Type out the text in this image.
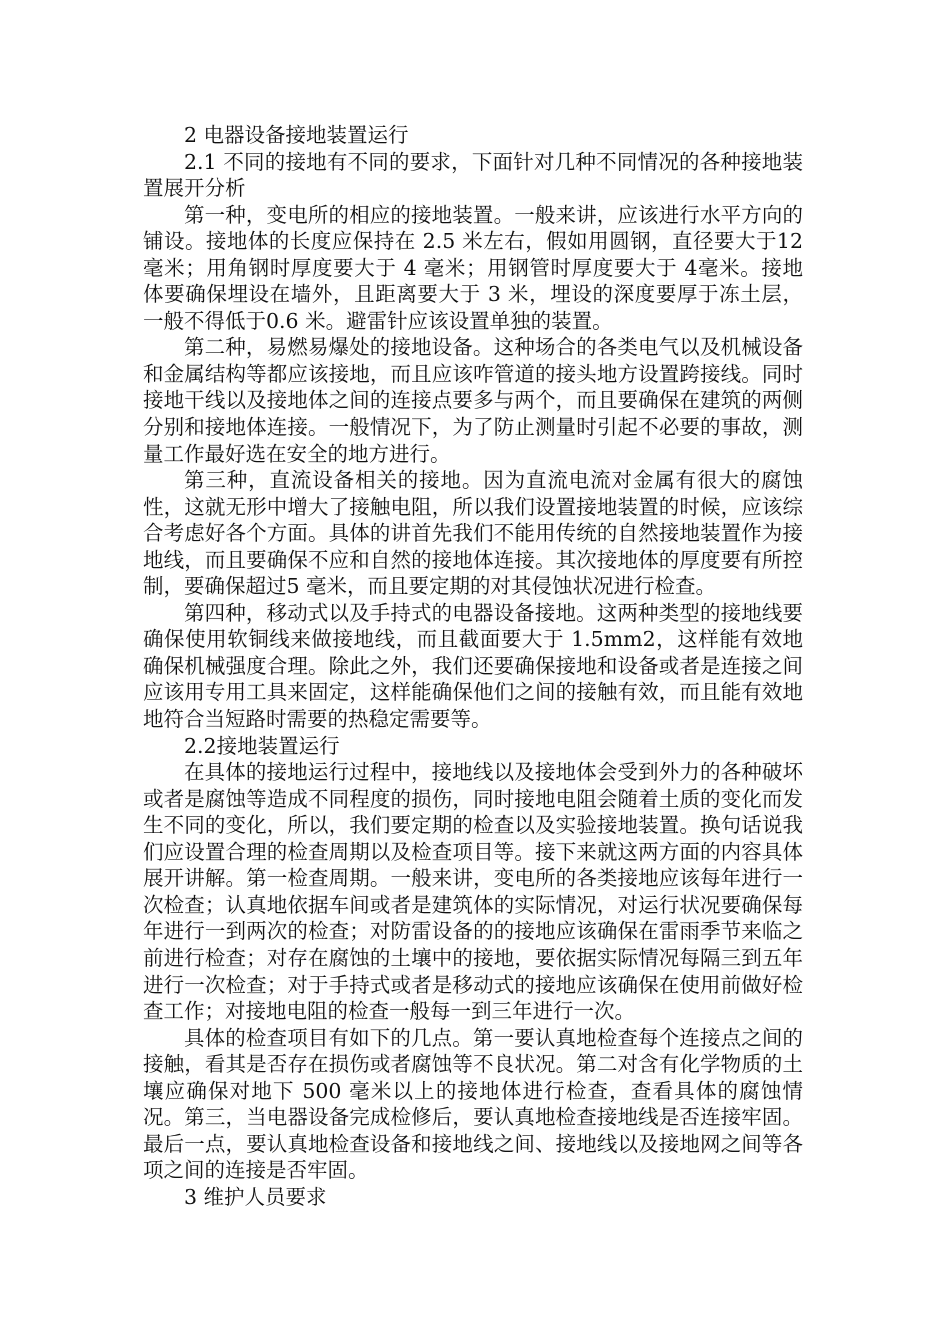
2 电器设备接地装置运行

2.1 不同的接地有不同的要求，下面针对几种不同情况的各种接地装置展开分析

第一种，变电所的相应的接地装置。一般来讲，应该进行水平方向的铺设。接地体的长度应保持在 2.5 米左右，假如用圆钢，直径要大于12 毫米；用角钢时厚度要大于 4 毫米；用钢管时厚度要大于 4毫米。接地体要确保埋设在墙外，且距离要大于 3 米，埋设的深度要厚于冻土层，一般不得低于0.6 米。避雷针应该设置单独的装置。

第二种，易燃易爆处的接地设备。这种场合的各类电气以及机械设备和金属结构等都应该接地，而且应该咋管道的接头地方设置跨接线。同时接地干线以及接地体之间的连接点要多与两个，而且要确保在建筑的两侧分别和接地体连接。一般情况下，为了防止测量时引起不必要的事故，测量工作最好选在安全的地方进行。

第三种，直流设备相关的接地。因为直流电流对金属有很大的腐蚀性，这就无形中增大了接触电阻，所以我们设置接地装置的时候，应该综合考虑好各个方面。具体的讲首先我们不能用传统的自然接地装置作为接地线，而且要确保不应和自然的接地体连接。其次接地体的厚度要有所控制，要确保超过5 毫米，而且要定期的对其侵蚀状况进行检查。

第四种，移动式以及手持式的电器设备接地。这两种类型的接地线要确保使用软铜线来做接地线，而且截面要大于 1.5mm2，这样能有效地确保机械强度合理。除此之外，我们还要确保接地和设备或者是连接之间应该用专用工具来固定，这样能确保他们之间的接触有效，而且能有效地地符合当短路时需要的热稳定需要等。

2.2接地装置运行

在具体的接地运行过程中，接地线以及接地体会受到外力的各种破坏或者是腐蚀等造成不同程度的损伤，同时接地电阻会随着土质的变化而发生不同的变化，所以，我们要定期的检查以及实验接地装置。换句话说我们应设置合理的检查周期以及检查项目等。接下来就这两方面的内容具体展开讲解。第一检查周期。一般来讲，变电所的各类接地应该每年进行一次检查；认真地依据车间或者是建筑体的实际情况，对运行状况要确保每年进行一到两次的检查；对防雷设备的的接地应该确保在雷雨季节来临之前进行检查；对存在腐蚀的土壤中的接地，要依据实际情况每隔三到五年进行一次检查；对于手持式或者是移动式的接地应该确保在使用前做好检查工作；对接地电阻的检查一般每一到三年进行一次。

具体的检查项目有如下的几点。第一要认真地检查每个连接点之间的接触，看其是否存在损伤或者腐蚀等不良状况。第二对含有化学物质的土壤应确保对地下 500 毫米以上的接地体进行检查，查看具体的腐蚀情况。第三，当电器设备完成检修后，要认真地检查接地线是否连接牢固。最后一点，要认真地检查设备和接地线之间、接地线以及接地网之间等各项之间的连接是否牢固。

3 维护人员要求
